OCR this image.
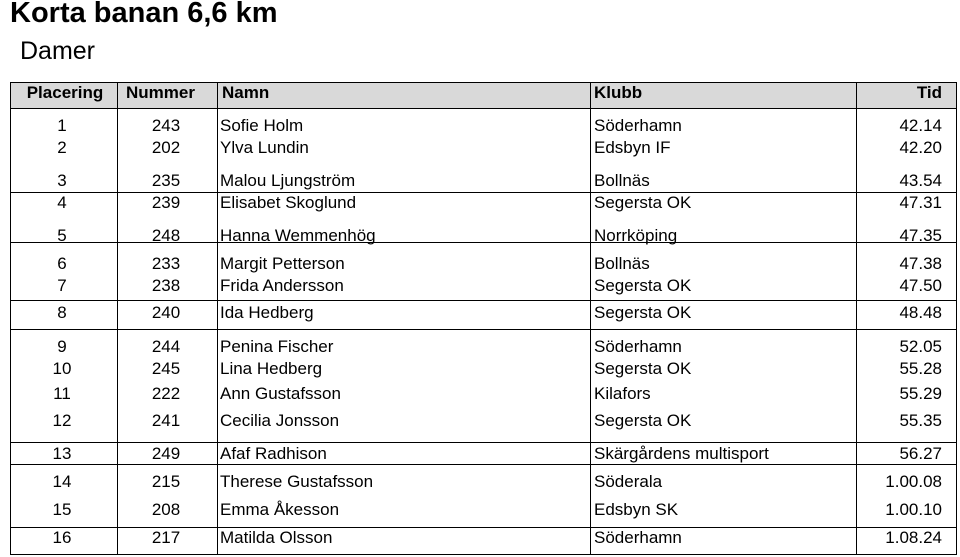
Korta banan 6,6 km
Damer
Placering	Nummer	Namn	Klubb	Tid
1	243	Sofie Holm	Söderhamn	42.14
2	202	Ylva Lundin	Edsbyn IF	42.20
3	235	Malou Ljungström	Bollnäs	43.54
4	239	Elisabet Skoglund	Segersta OK	47.31
5	248	Hanna Wemmenhög	Norrköping	47.35
6	233	Margit Petterson	Bollnäs	47.38
7	238	Frida Andersson	Segersta OK	47.50
8	240	Ida Hedberg	Segersta OK	48.48
9	244	Penina Fischer	Söderhamn	52.05
10	245	Lina Hedberg	Segersta OK	55.28
11	222	Ann Gustafsson	Kilafors	55.29
12	241	Cecilia Jonsson	Segersta OK	55.35
13	249	Afaf Radhison	Skärgårdens multisport	56.27
14	215	Therese Gustafsson	Söderala	1.00.08
15	208	Emma Åkesson	Edsbyn SK	1.00.10
16	217	Matilda Olsson	Söderhamn	1.08.24
